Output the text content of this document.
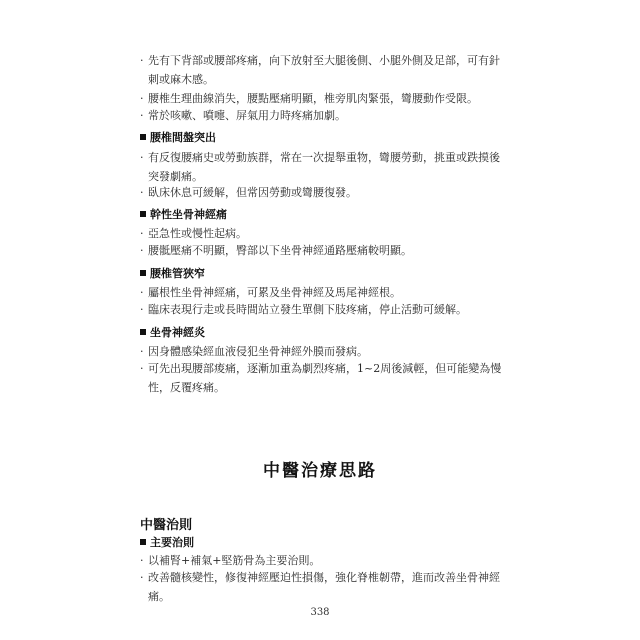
· 先有下背部或腰部疼痛，向下放射至大腿後側、小腿外側及足部，可有針刺或麻木感。
· 腰椎生理曲線消失，腰點壓痛明顯，椎旁肌肉緊張，彎腰動作受限。
· 常於咳嗽、噴嚏、屏氣用力時疼痛加劇。
腰椎間盤突出
· 有反復腰痛史或勞動族群，常在一次提舉重物，彎腰勞動，挑重或跌摸後突發劇痛。
· 臥床休息可緩解，但常因勞動或彎腰復發。
幹性坐骨神經痛
· 亞急性或慢性起病。
· 腰骶壓痛不明顯，臀部以下坐骨神經通路壓痛較明顯。
腰椎管狹窄
· 屬根性坐骨神經痛，可累及坐骨神經及馬尾神經根。
· 臨床表現行走或長時間站立發生單側下肢疼痛，停止活動可緩解。
坐骨神經炎
· 因身體感染經血液侵犯坐骨神經外膜而發病。
· 可先出現腰部痠痛，逐漸加重為劇烈疼痛，1~2周後減輕，但可能變為慢性，反覆疼痛。
中醫治療思路
中醫治則
主要治則
· 以補腎+補氣+堅筋骨為主要治則。
· 改善髓核變性，修復神經壓迫性損傷，強化脊椎韌帶，進而改善坐骨神經痛。
338
